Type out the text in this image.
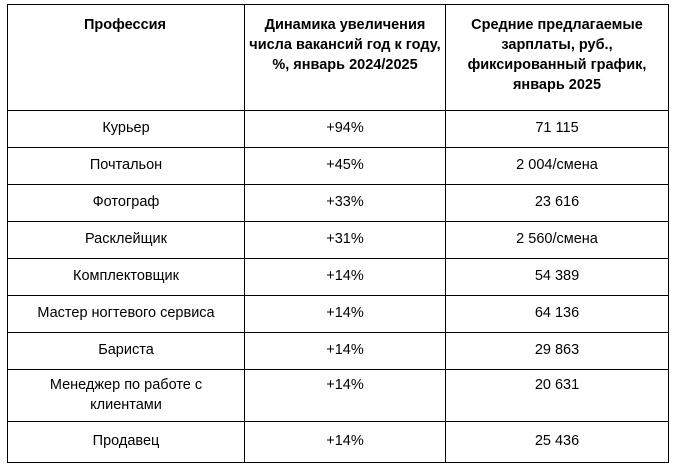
Профессия	Динамика увеличения числа вакансий год к году, %, январь 2024/2025	Средние предлагаемые зарплаты, руб., фиксированный график, январь 2025
Курьер	+94%	71 115
Почтальон	+45%	2 004/смена
Фотограф	+33%	23 616
Расклейщик	+31%	2 560/смена
Комплектовщик	+14%	54 389
Мастер ногтевого сервиса	+14%	64 136
Бариста	+14%	29 863
Менеджер по работе с клиентами	+14%	20 631
Продавец	+14%	25 436
